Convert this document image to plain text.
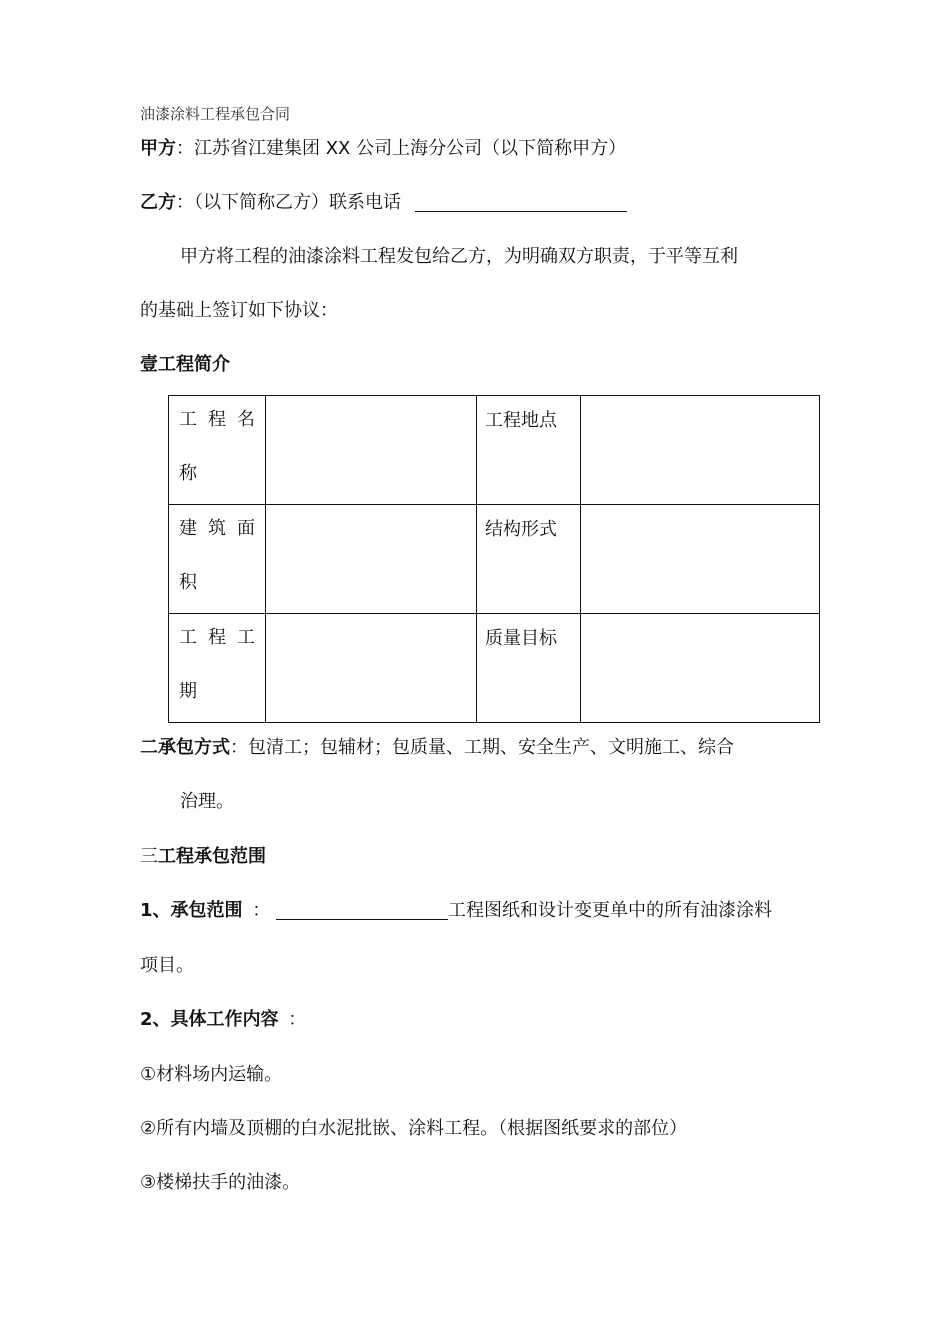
油漆涂料工程承包合同
甲方：江苏省江建集团 XX 公司上海分公司（以下简称甲方）
乙方：（以下简称乙方）联系电话
甲方将工程的油漆涂料工程发包给乙方，为明确双方职责，于平等互利
的基础上签订如下协议：
壹工程简介
工 程 名
称		工程地点	

建 筑 面
积		结构形式	

工 程 工
期		质量目标	

二承包方式：包清工；包辅材；包质量、工期、安全生产、文明施工、综合
治理。
三工程承包范围
1、承包范围 ：	工程图纸和设计变更单中的所有油漆涂料
项目。
2、具体工作内容 ：
①材料场内运输。
②所有内墙及顶棚的白水泥批嵌、涂料工程。（根据图纸要求的部位）
③楼梯扶手的油漆。
